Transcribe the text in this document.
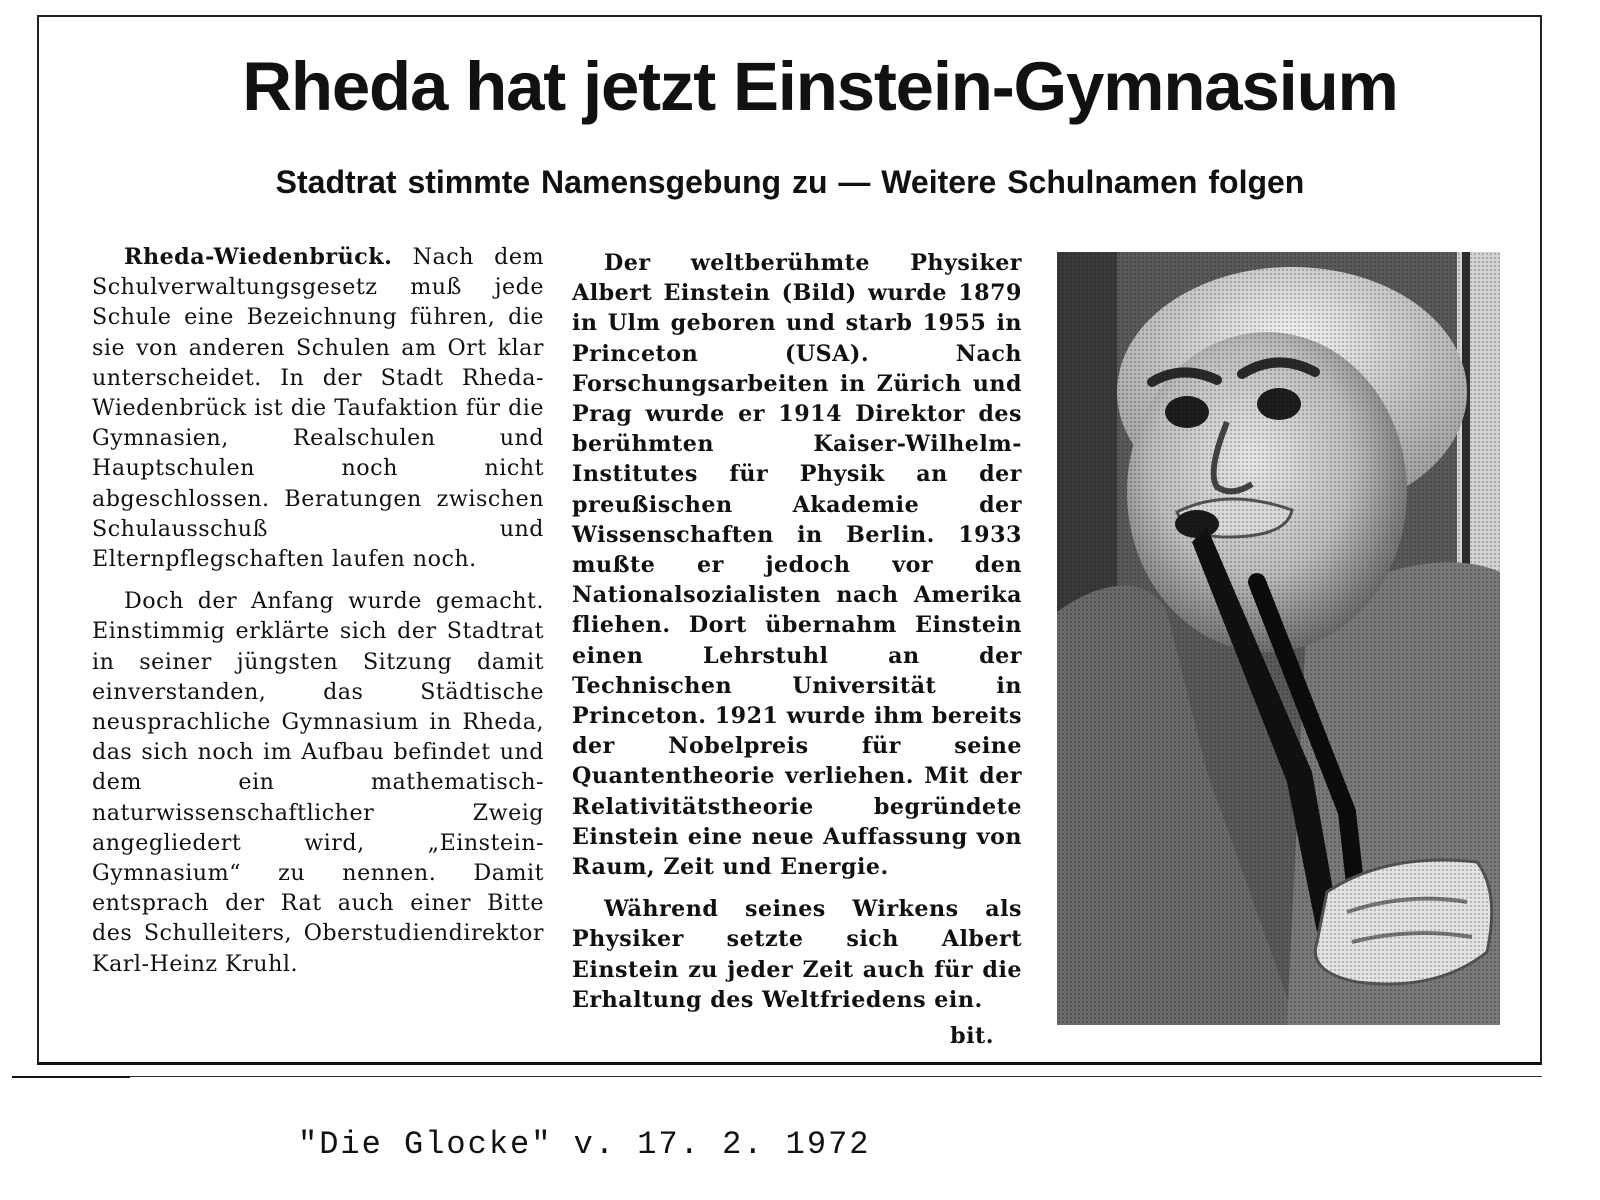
Rheda hat jetzt Einstein-Gymnasium
Stadtrat stimmte Namensgebung zu — Weitere Schulnamen folgen

Rheda-Wiedenbrück. Nach dem Schulverwaltungsgesetz muß jede Schule eine Bezeichnung führen, die sie von anderen Schulen am Ort klar unterscheidet. In der Stadt Rheda-Wiedenbrück ist die Taufaktion für die Gymnasien, Realschulen und Hauptschulen noch nicht abgeschlossen. Beratungen zwischen Schulausschuß und Elternpflegschaften laufen noch.

Doch der Anfang wurde gemacht. Einstimmig erklärte sich der Stadtrat in seiner jüngsten Sitzung damit einverstanden, das Städtische neusprachliche Gymnasium in Rheda, das sich noch im Aufbau befindet und dem ein mathematisch-naturwissenschaftlicher Zweig angegliedert wird, „Einstein-Gymnasium“ zu nennen. Damit entsprach der Rat auch einer Bitte des Schulleiters, Oberstudiendirektor Karl-Heinz Kruhl.

Der weltberühmte Physiker Albert Einstein (Bild) wurde 1879 in Ulm geboren und starb 1955 in Princeton (USA). Nach Forschungsarbeiten in Zürich und Prag wurde er 1914 Direktor des berühmten Kaiser-Wilhelm-Institutes für Physik an der preußischen Akademie der Wissenschaften in Berlin. 1933 mußte er jedoch vor den Nationalsozialisten nach Amerika fliehen. Dort übernahm Einstein einen Lehrstuhl an der Technischen Universität in Princeton. 1921 wurde ihm bereits der Nobelpreis für seine Quantentheorie verliehen. Mit der Relativitätstheorie begründete Einstein eine neue Auffassung von Raum, Zeit und Energie.

Während seines Wirkens als Physiker setzte sich Albert Einstein zu jeder Zeit auch für die Erhaltung des Weltfriedens ein.

bit.
"Die Glocke" v. 17. 2. 1972
